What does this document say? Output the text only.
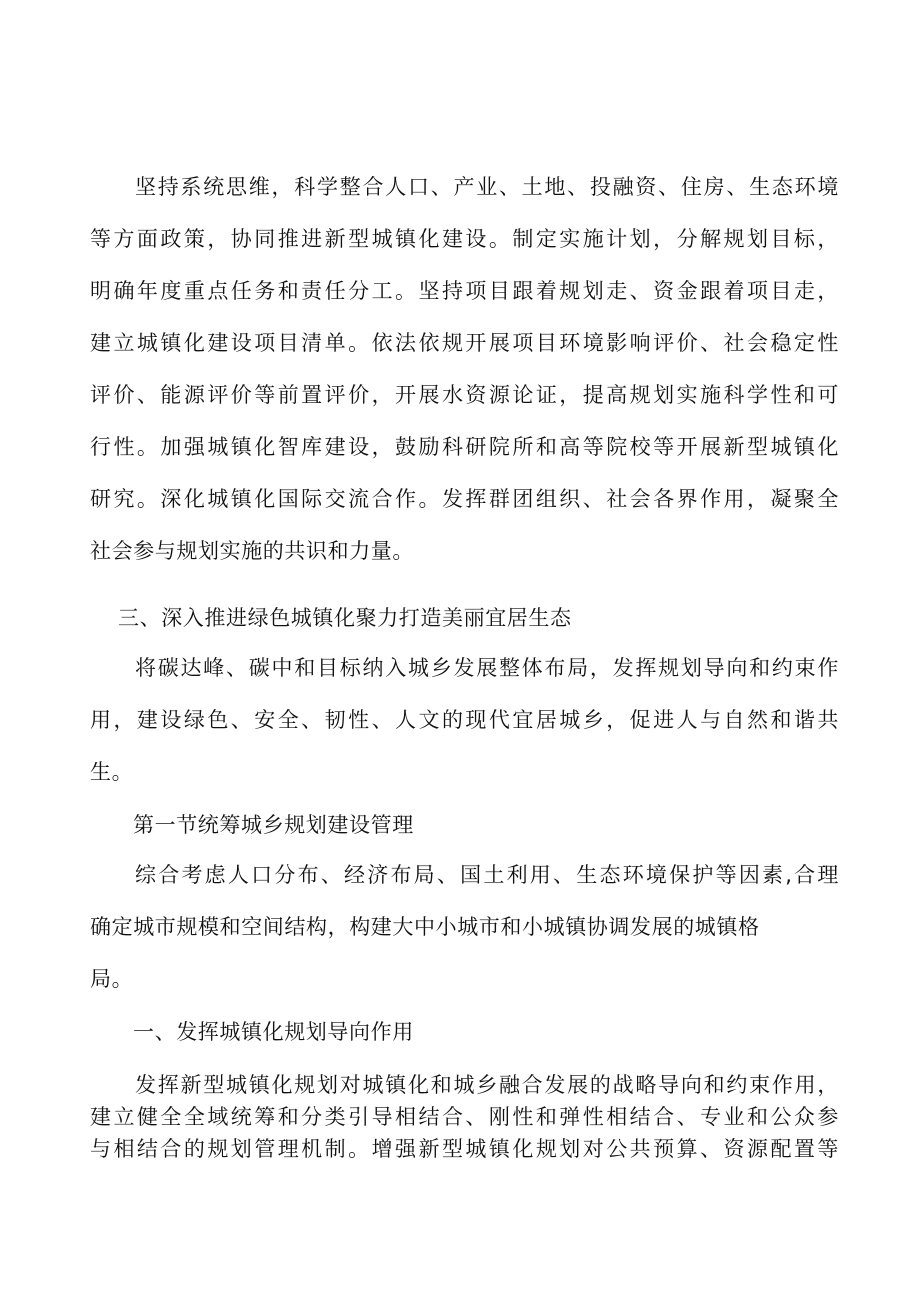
坚持系统思维，科学整合人口、产业、土地、投融资、住房、生态环境

等方面政策，协同推进新型城镇化建设。制定实施计划，分解规划目标，

明确年度重点任务和责任分工。坚持项目跟着规划走、资金跟着项目走，

建立城镇化建设项目清单。依法依规开展项目环境影响评价、社会稳定性

评价、能源评价等前置评价，开展水资源论证，提高规划实施科学性和可

行性。加强城镇化智库建设，鼓励科研院所和高等院校等开展新型城镇化

研究。深化城镇化国际交流合作。发挥群团组织、社会各界作用，凝聚全

社会参与规划实施的共识和力量。

三、深入推进绿色城镇化聚力打造美丽宜居生态

将碳达峰、碳中和目标纳入城乡发展整体布局，发挥规划导向和约束作

用，建设绿色、安全、韧性、人文的现代宜居城乡，促进人与自然和谐共

生。

第一节统筹城乡规划建设管理

综合考虑人口分布、经济布局、国土利用、生态环境保护等因素,合理

确定城市规模和空间结构，构建大中小城市和小城镇协调发展的城镇格

局。

一、发挥城镇化规划导向作用

发挥新型城镇化规划对城镇化和城乡融合发展的战略导向和约束作用，

建立健全全域统筹和分类引导相结合、刚性和弹性相结合、专业和公众参

与相结合的规划管理机制。增强新型城镇化规划对公共预算、资源配置等
